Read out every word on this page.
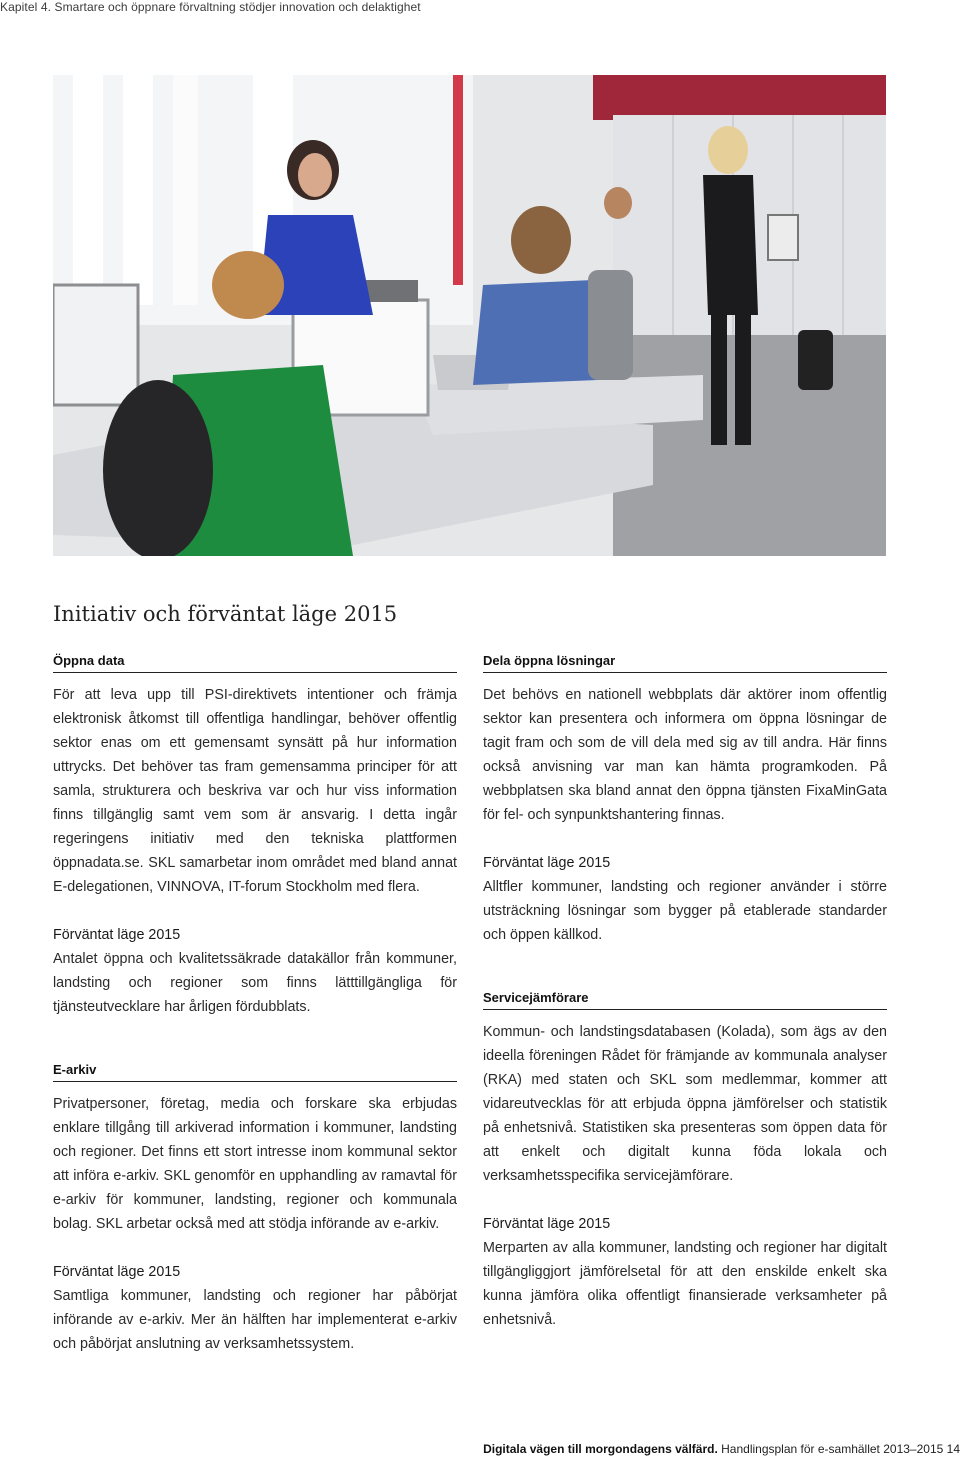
Kapitel 4. Smartare och öppnare förvaltning stödjer innovation och delaktighet
Initiativ och förväntat läge 2015
Öppna data

För att leva upp till PSI-direktivets intentioner och främja elektronisk åtkomst till offentliga handlingar, behöver offentlig sektor enas om ett gemensamt synsätt på hur information uttrycks. Det behöver tas fram gemensamma principer för att samla, strukturera och beskriva var och hur viss information finns tillgänglig samt vem som är ansvarig. I detta ingår regeringens initiativ med den tekniska plattformen öppnadata.se. SKL samarbetar inom området med bland annat E-delegationen, VINNOVA, IT-forum Stockholm med flera.

Förväntat läge 2015

Antalet öppna och kvalitetssäkrade datakällor från kommuner, landsting och regioner som finns lätttillgängliga för tjänsteutvecklare har årligen fördubblats.

E-arkiv

Privatpersoner, företag, media och forskare ska erbjudas enklare tillgång till arkiverad information i kommuner, landsting och regioner. Det finns ett stort intresse inom kommunal sektor att införa e-arkiv. SKL genomför en upphandling av ramavtal för e-arkiv för kommuner, landsting, regioner och kommunala bolag. SKL arbetar också med att stödja införande av e-arkiv.

Förväntat läge 2015

Samtliga kommuner, landsting och regioner har påbörjat införande av e-arkiv. Mer än hälften har implementerat e-arkiv och påbörjat anslutning av verksamhetssystem.

Dela öppna lösningar

Det behövs en nationell webbplats där aktörer inom offentlig sektor kan presentera och informera om öppna lösningar de tagit fram och som de vill dela med sig av till andra. Här finns också anvisning var man kan hämta programkoden. På webbplatsen ska bland annat den öppna tjänsten FixaMinGata för fel- och synpunktshantering finnas.

Förväntat läge 2015

Alltfler kommuner, landsting och regioner använder i större utsträckning lösningar som bygger på etablerade standarder och öppen källkod.

Servicejämförare

Kommun- och landstingsdatabasen (Kolada), som ägs av den ideella föreningen Rådet för främjande av kommunala analyser (RKA) med staten och SKL som medlemmar, kommer att vidareutvecklas för att erbjuda öppna jämförelser och statistik på enhetsnivå. Statistiken ska presenteras som öppen data för att enkelt och digitalt kunna föda lokala och verksamhetsspecifika servicejämförare.

Förväntat läge 2015

Merparten av alla kommuner, landsting och regioner har digitalt tillgängliggjort jämförelsetal för att den enskilde enkelt ska kunna jämföra olika offentligt finansierade verksamheter på enhetsnivå.

Digitala vägen till morgondagens välfärd. Handlingsplan för e-samhället 2013–2015 14
